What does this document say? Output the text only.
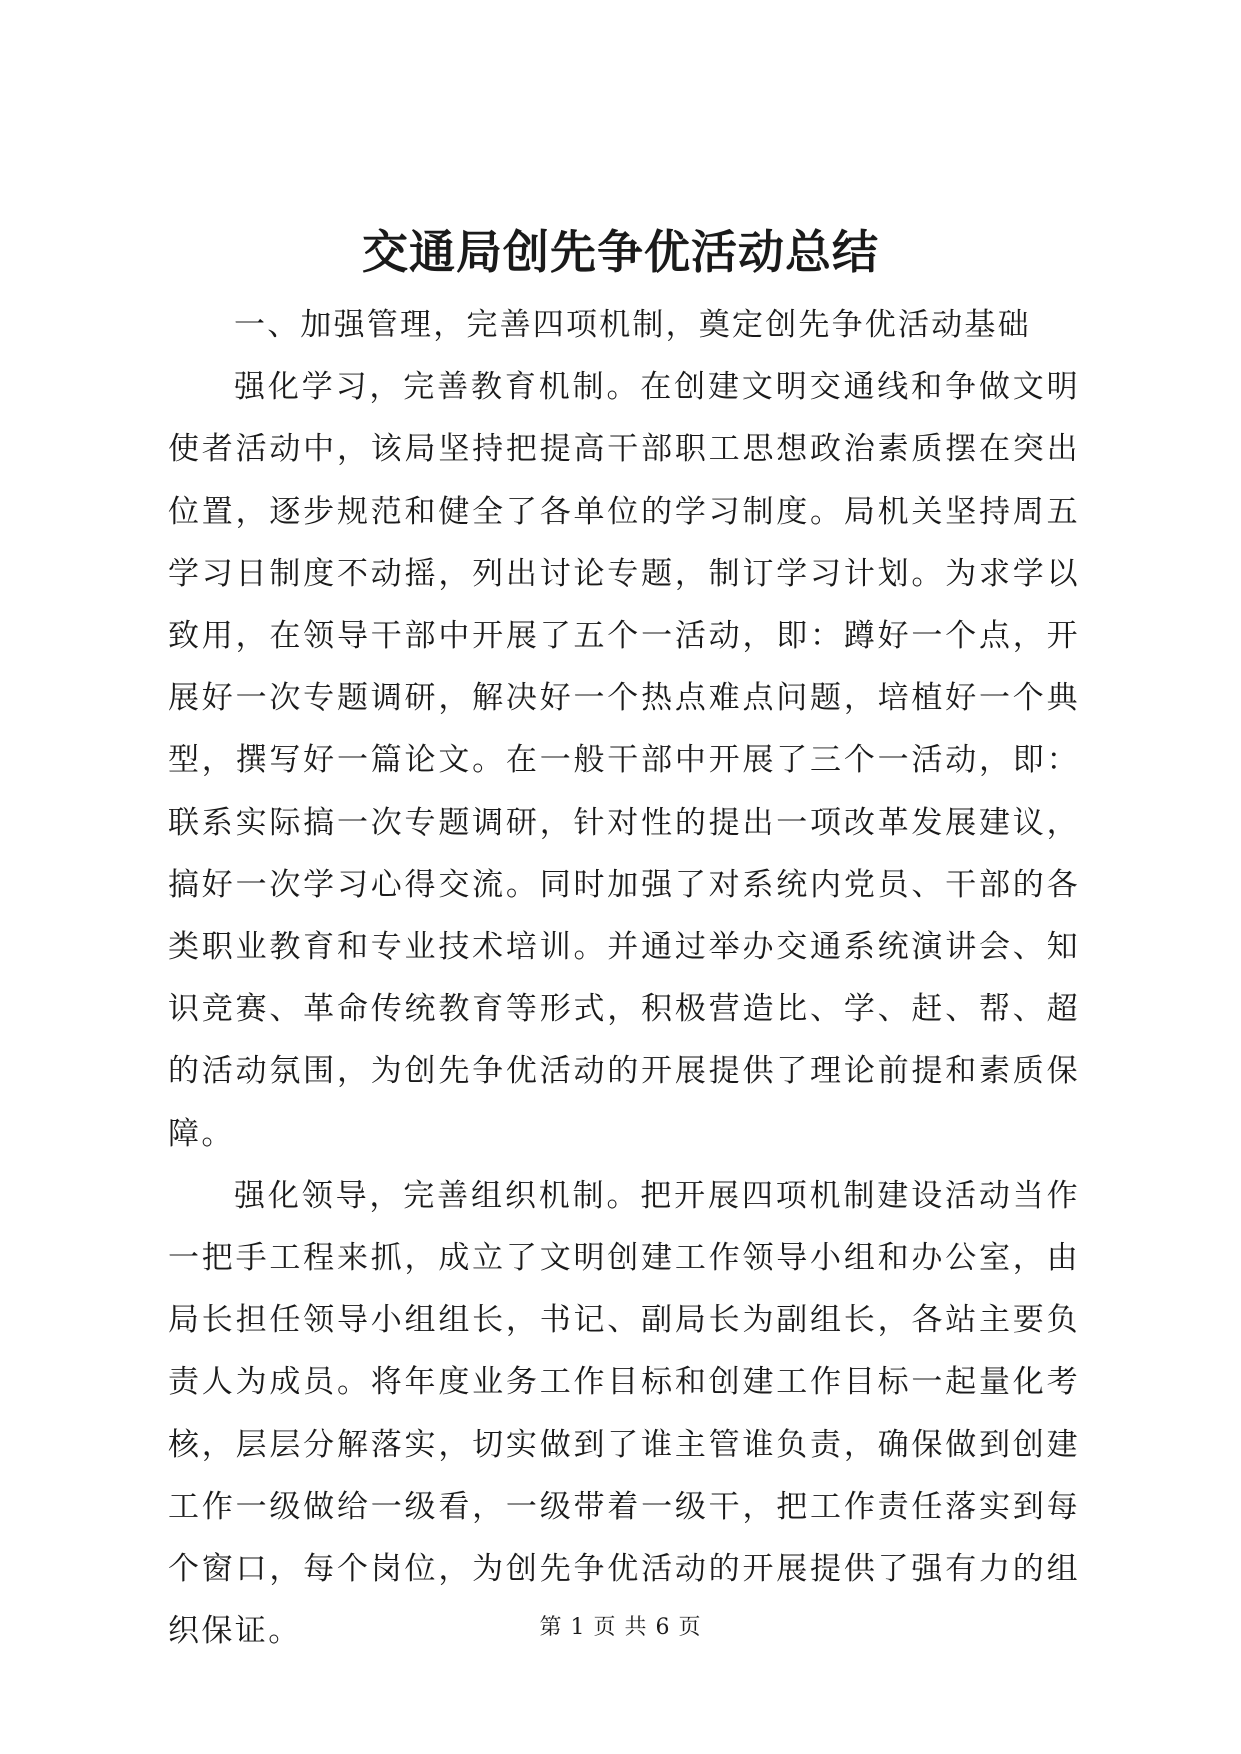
交通局创先争优活动总结

一、加强管理，完善四项机制，奠定创先争优活动基础

强化学习，完善教育机制。在创建文明交通线和争做文明使者活动中，该局坚持把提高干部职工思想政治素质摆在突出位置，逐步规范和健全了各单位的学习制度。局机关坚持周五学习日制度不动摇，列出讨论专题，制订学习计划。为求学以致用，在领导干部中开展了五个一活动，即：蹲好一个点，开展好一次专题调研，解决好一个热点难点问题，培植好一个典型，撰写好一篇论文。在一般干部中开展了三个一活动，即：联系实际搞一次专题调研，针对性的提出一项改革发展建议，搞好一次学习心得交流。同时加强了对系统内党员、干部的各类职业教育和专业技术培训。并通过举办交通系统演讲会、知识竞赛、革命传统教育等形式，积极营造比、学、赶、帮、超的活动氛围，为创先争优活动的开展提供了理论前提和素质保障。

强化领导，完善组织机制。把开展四项机制建设活动当作一把手工程来抓，成立了文明创建工作领导小组和办公室，由局长担任领导小组组长，书记、副局长为副组长，各站主要负责人为成员。将年度业务工作目标和创建工作目标一起量化考核，层层分解落实，切实做到了谁主管谁负责，确保做到创建工作一级做给一级看，一级带着一级干，把工作责任落实到每个窗口，每个岗位，为创先争优活动的开展提供了强有力的组织保证。	第 1 页 共 6 页
